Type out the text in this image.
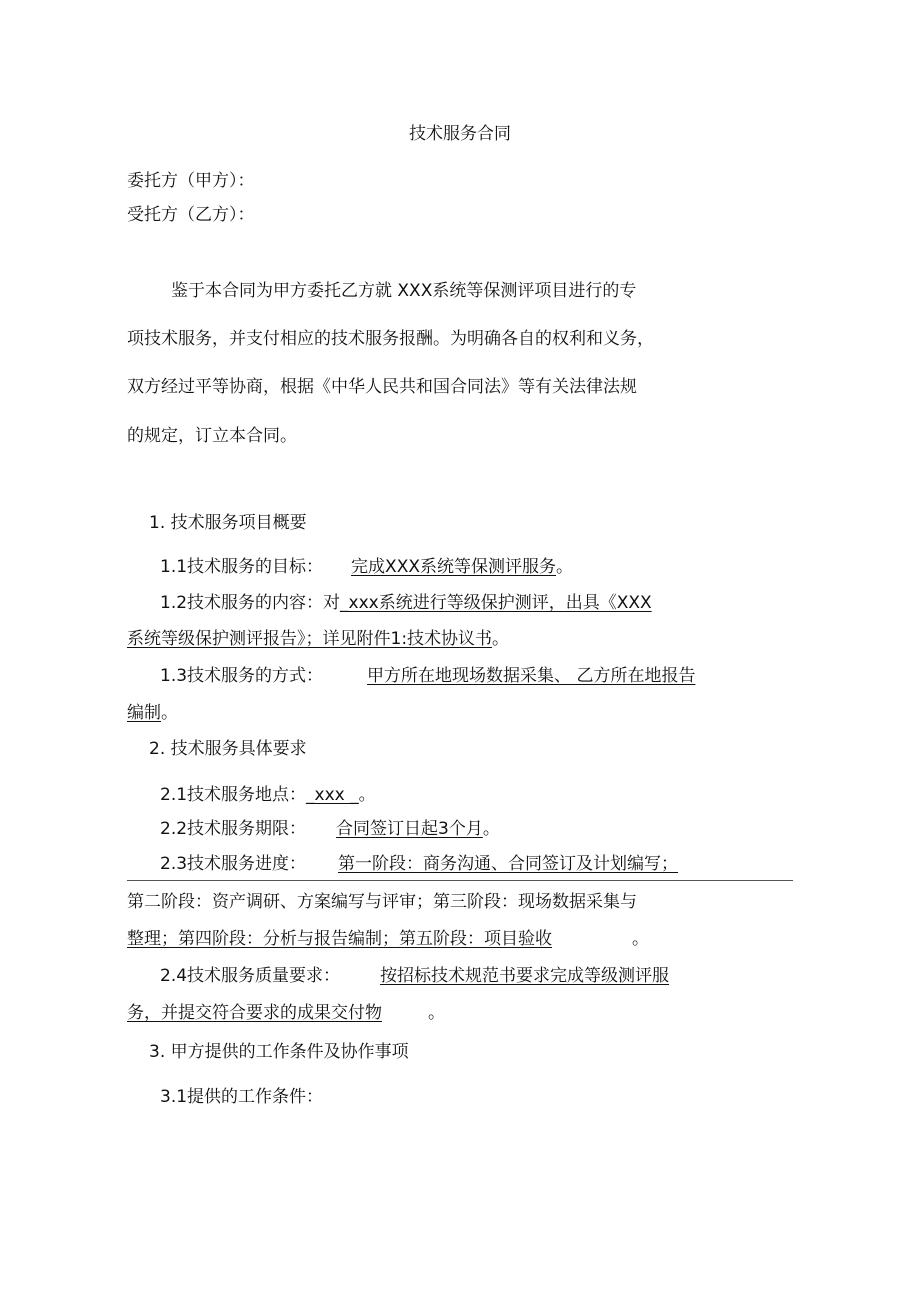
技术服务合同
委托方（甲方）：
受托方（乙方）：
鉴于本合同为甲方委托乙方就 XXX系统等保测评项目进行的专
项技术服务，并支付相应的技术服务报酬。为明确各自的权利和义务，
双方经过平等协商，根据《中华人民共和国合同法》等有关法律法规
的规定，订立本合同。
1. 技术服务项目概要
1.1技术服务的目标： 完成XXX系统等保测评服务。
1.2技术服务的内容：对_xxx系统进行等级保护测评，出具《XXX
系统等级保护测评报告》；详见附件1:技术协议书。
1.3技术服务的方式：	甲方所在地现场数据采集、 乙方所在地报告
编制。
2. 技术服务具体要求
2.1技术服务地点：_xxx _。
2.2技术服务期限： 合同签订日起3个月。
2.3技术服务进度： 第一阶段：商务沟通、合同签订及计划编写；
第二阶段：资产调研、方案编写与评审；第三阶段：现场数据采集与
整理；第四阶段：分析与报告编制；第五阶段：项目验收	。
2.4技术服务质量要求： 按招标技术规范书要求完成等级测评服
务，并提交符合要求的成果交付物	。
3. 甲方提供的工作条件及协作事项
3.1提供的工作条件：
